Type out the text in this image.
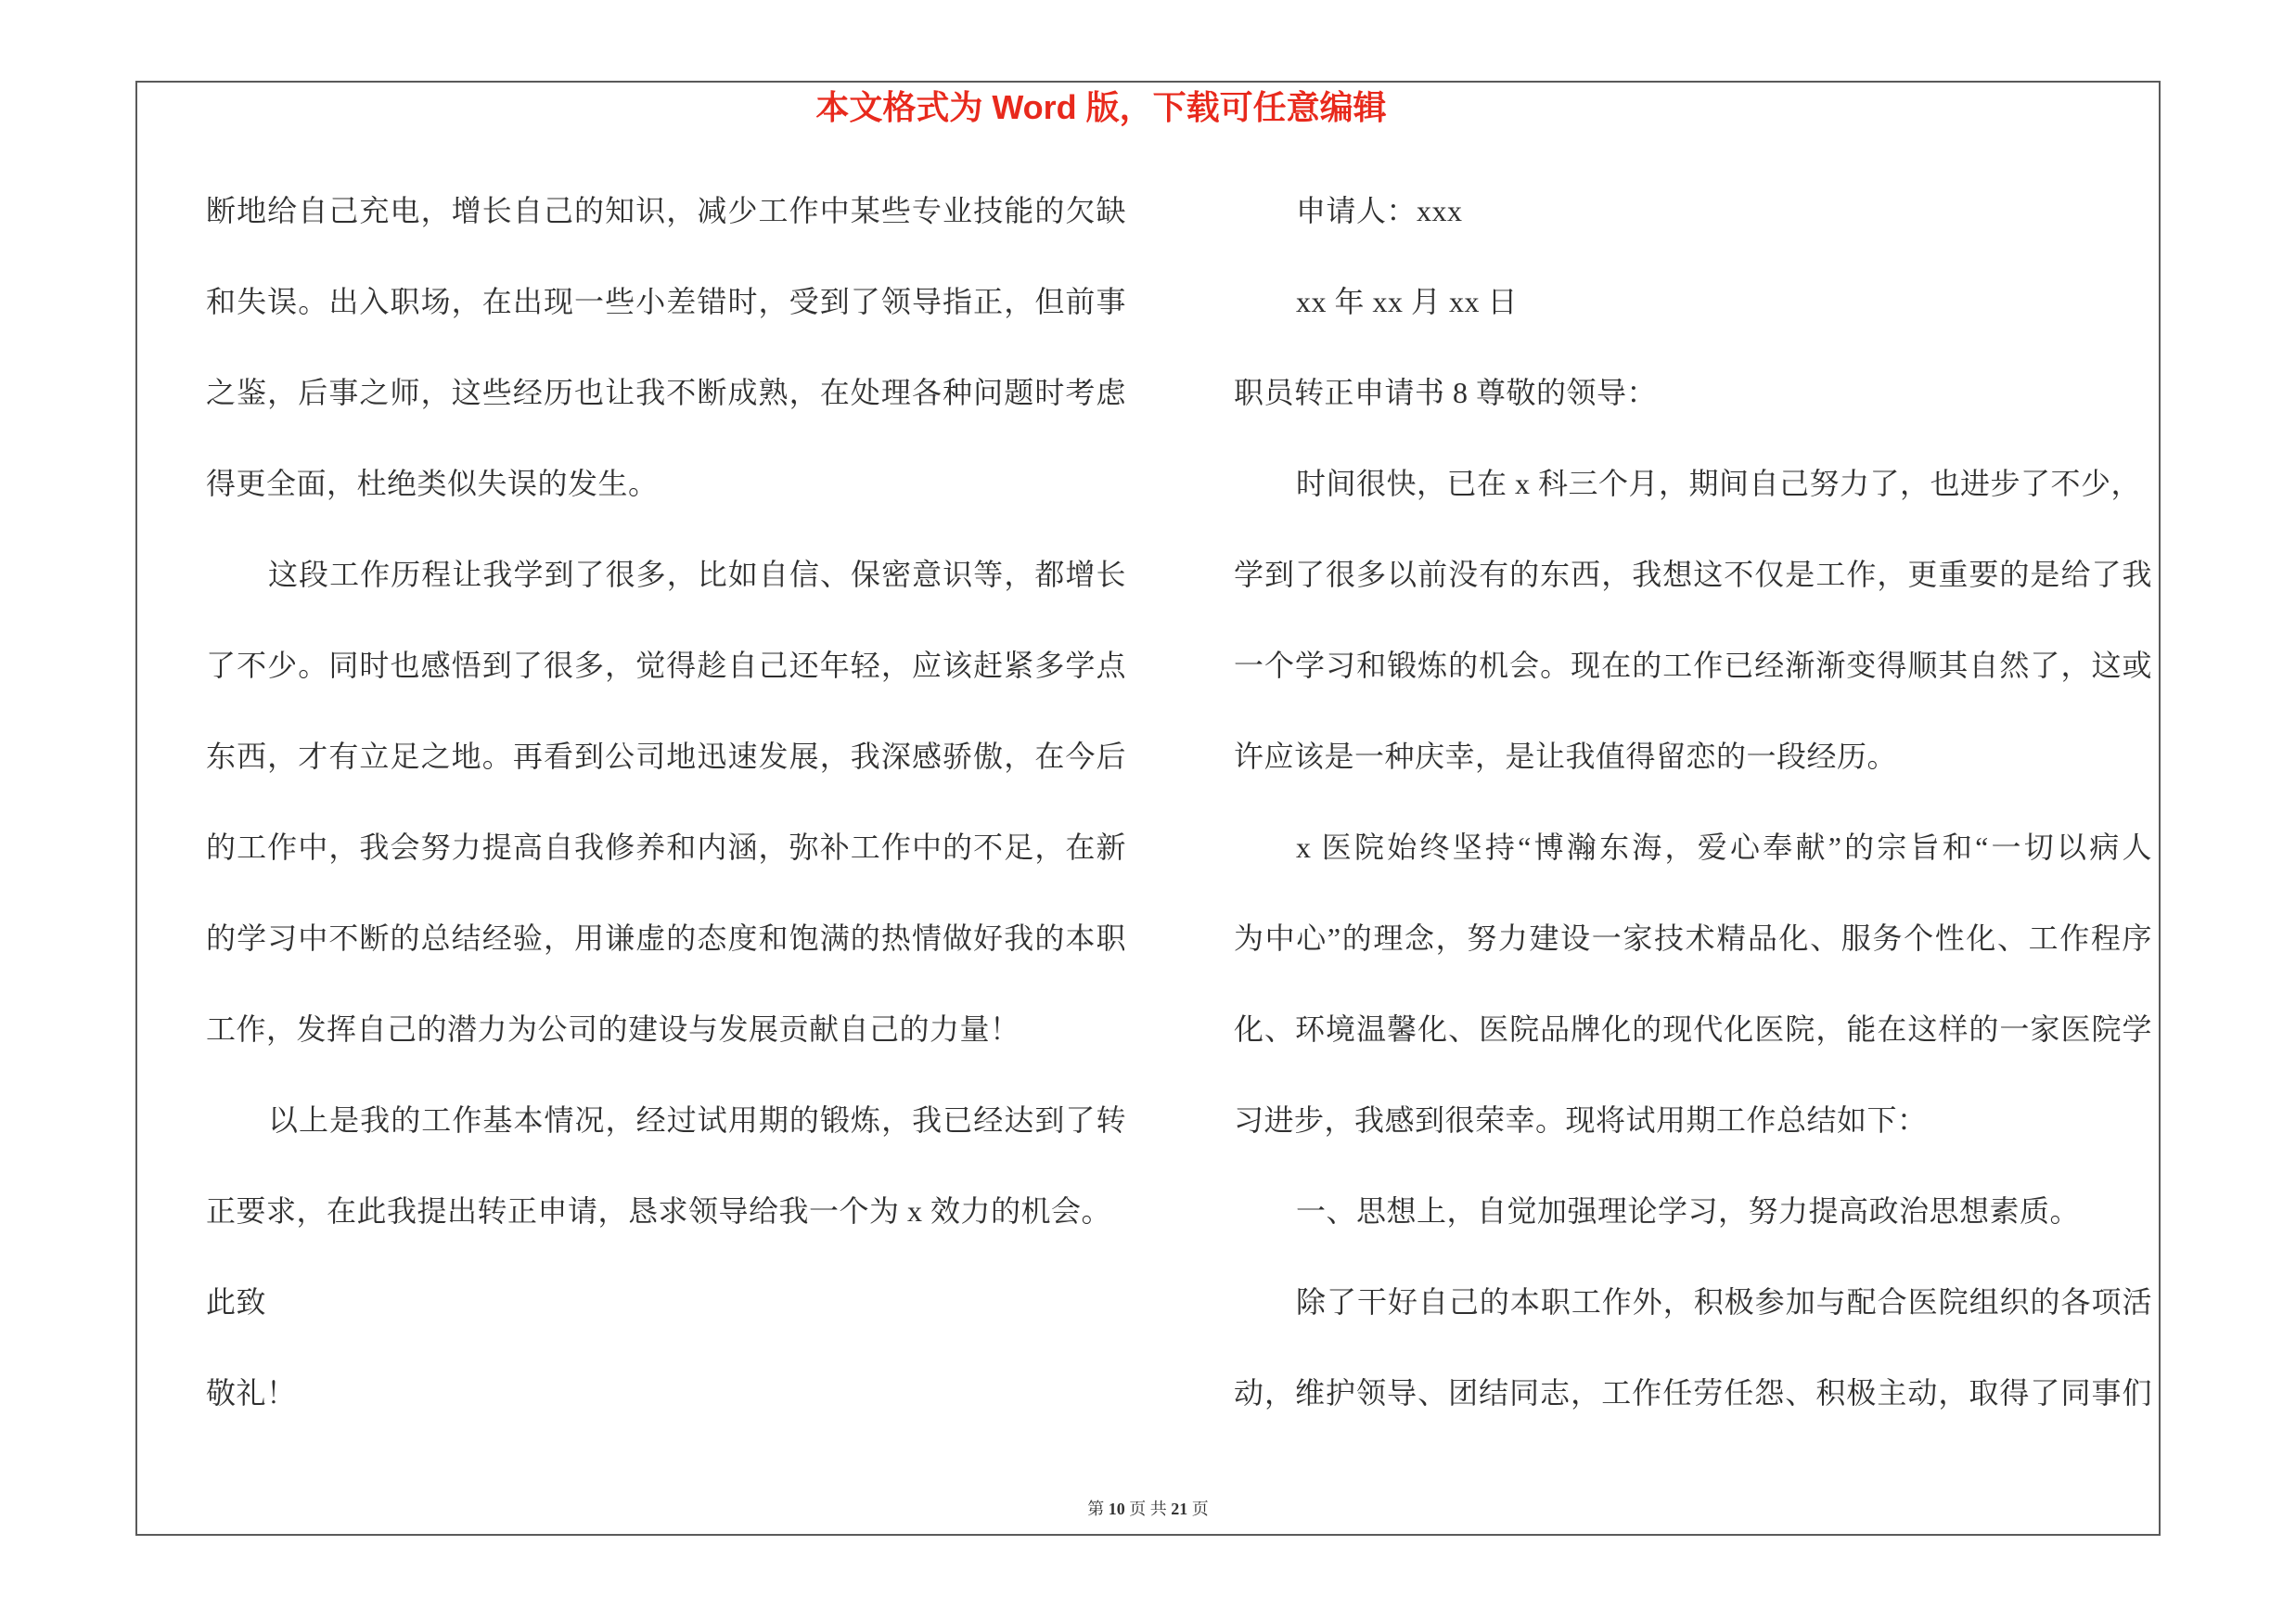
本文格式为 Word 版，下载可任意编辑
断地给自己充电，增长自己的知识，减少工作中某些专业技能的欠缺
和失误。出入职场，在出现一些小差错时，受到了领导指正，但前事
之鉴，后事之师，这些经历也让我不断成熟，在处理各种问题时考虑
得更全面，杜绝类似失误的发生。
这段工作历程让我学到了很多，比如自信、保密意识等，都增长
了不少。同时也感悟到了很多，觉得趁自己还年轻，应该赶紧多学点
东西，才有立足之地。再看到公司地迅速发展，我深感骄傲，在今后
的工作中，我会努力提高自我修养和内涵，弥补工作中的不足，在新
的学习中不断的总结经验，用谦虚的态度和饱满的热情做好我的本职
工作，发挥自己的潜力为公司的建设与发展贡献自己的力量！
以上是我的工作基本情况，经过试用期的锻炼，我已经达到了转
正要求，在此我提出转正申请，恳求领导给我一个为 x 效力的机会。
此致
敬礼！
申请人：xxx
xx 年 xx 月 xx 日
职员转正申请书 8 尊敬的领导：
时间很快，已在 x 科三个月，期间自己努力了，也进步了不少，
学到了很多以前没有的东西，我想这不仅是工作，更重要的是给了我
一个学习和锻炼的机会。现在的工作已经渐渐变得顺其自然了，这或
许应该是一种庆幸，是让我值得留恋的一段经历。
x 医院始终坚持“博瀚东海，爱心奉献”的宗旨和“一切以病人
为中心”的理念，努力建设一家技术精品化、服务个性化、工作程序
化、环境温馨化、医院品牌化的现代化医院，能在这样的一家医院学
习进步，我感到很荣幸。现将试用期工作总结如下：
一、思想上，自觉加强理论学习，努力提高政治思想素质。
除了干好自己的本职工作外，积极参加与配合医院组织的各项活
动，维护领导、团结同志，工作任劳任怨、积极主动，取得了同事们
第 10 页 共 21 页
